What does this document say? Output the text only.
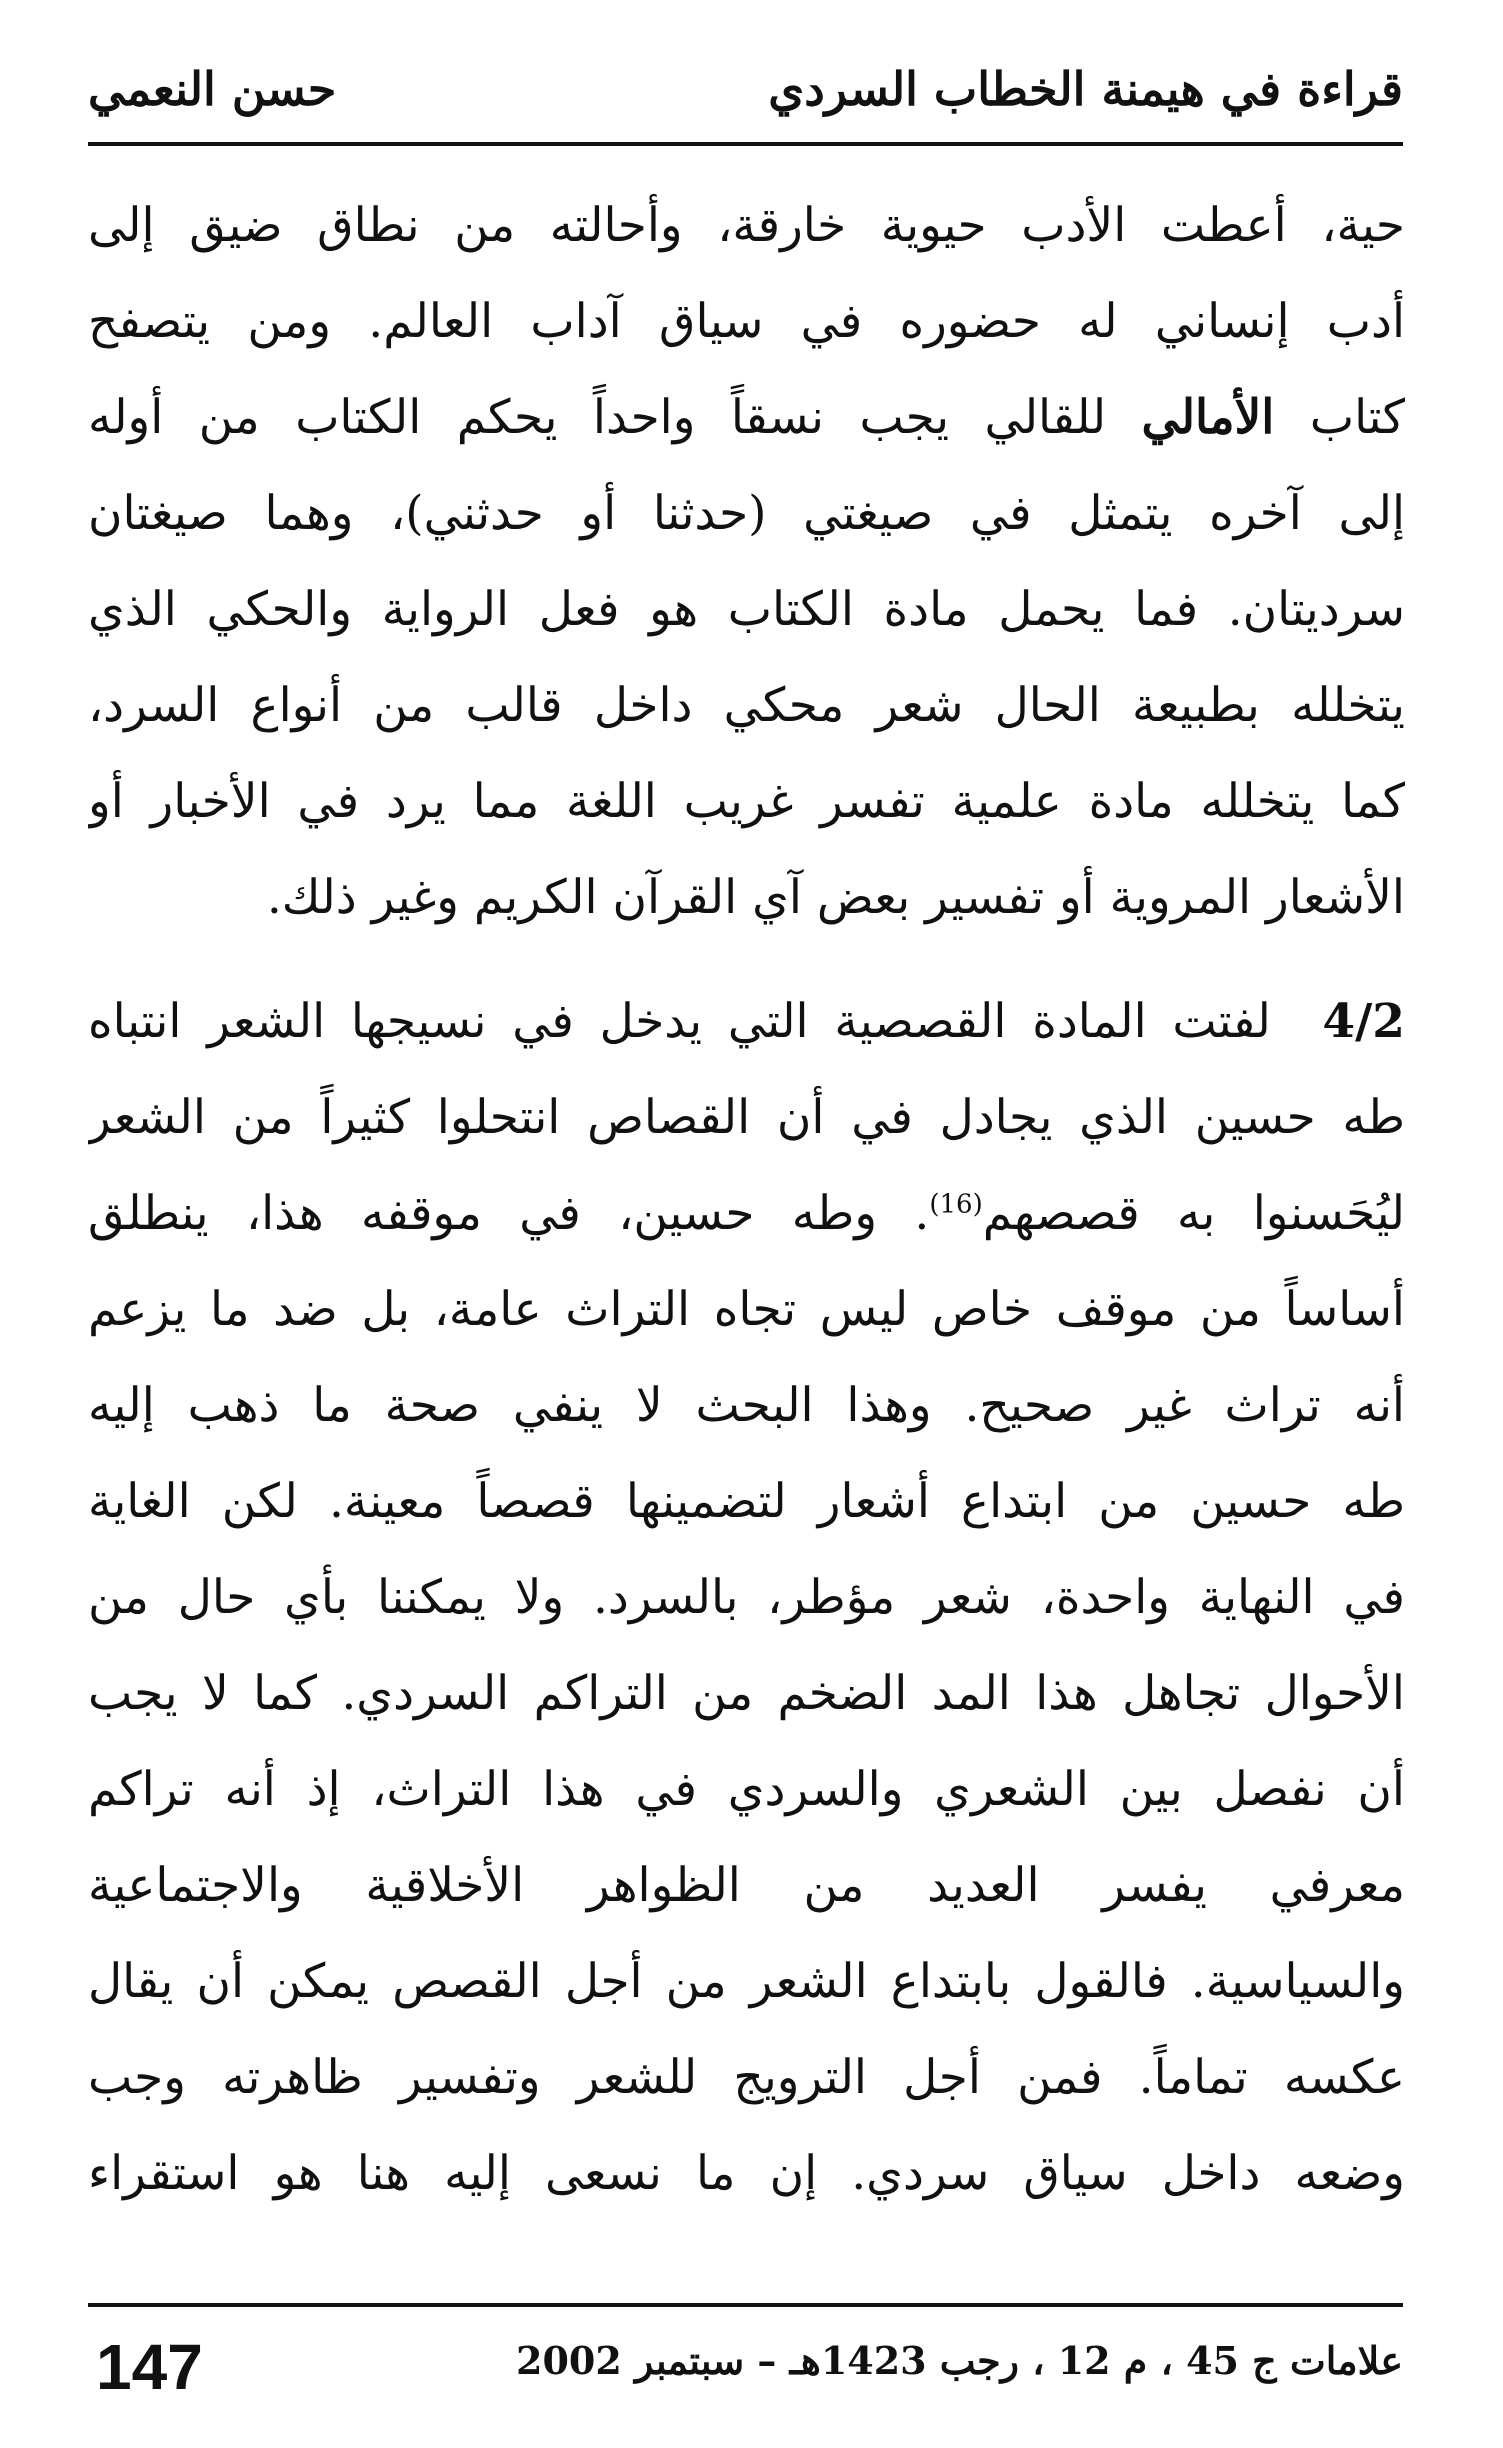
قراءة في هيمنة الخطاب السردي
حسن النعمي
حية، أعطت الأدب حيوية خارقة، وأحالته من نطاق ضيق إلى
أدب إنساني له حضوره في سياق آداب العالم. ومن يتصفح
كتاب الأمالي للقالي يجب نسقاً واحداً يحكم الكتاب من أوله
إلى آخره يتمثل في صيغتي (حدثنا أو حدثني)، وهما صيغتان
سرديتان. فما يحمل مادة الكتاب هو فعل الرواية والحكي الذي
يتخلله بطبيعة الحال شعر محكي داخل قالب من أنواع السرد،
كما يتخلله مادة علمية تفسر غريب اللغة مما يرد في الأخبار أو
الأشعار المروية أو تفسير بعض آي القرآن الكريم وغير ذلك.
4/2  لفتت المادة القصصية التي يدخل في نسيجها الشعر انتباه
طه حسين الذي يجادل في أن القصاص انتحلوا كثيراً من الشعر
ليُحَسنوا به قصصهم$^{(16)}$. وطه حسين، في موقفه هذا، ينطلق
أساساً من موقف خاص ليس تجاه التراث عامة، بل ضد ما يزعم
أنه تراث غير صحيح. وهذا البحث لا ينفي صحة ما ذهب إليه
طه حسين من ابتداع أشعار لتضمينها قصصاً معينة. لكن الغاية
في النهاية واحدة، شعر مؤطر، بالسرد. ولا يمكننا بأي حال من
الأحوال تجاهل هذا المد الضخم من التراكم السردي. كما لا يجب
أن نفصل بين الشعري والسردي في هذا التراث، إذ أنه تراكم
معرفي يفسر العديد من الظواهر الأخلاقية والاجتماعية
والسياسية. فالقول بابتداع الشعر من أجل القصص يمكن أن يقال
عكسه تماماً. فمن أجل الترويج للشعر وتفسير ظاهرته وجب
وضعه داخل سياق سردي. إن ما نسعى إليه هنا هو استقراء
147	علامات ج 45 ، م 12 ، رجب 1423هـ – سبتمبر 2002
